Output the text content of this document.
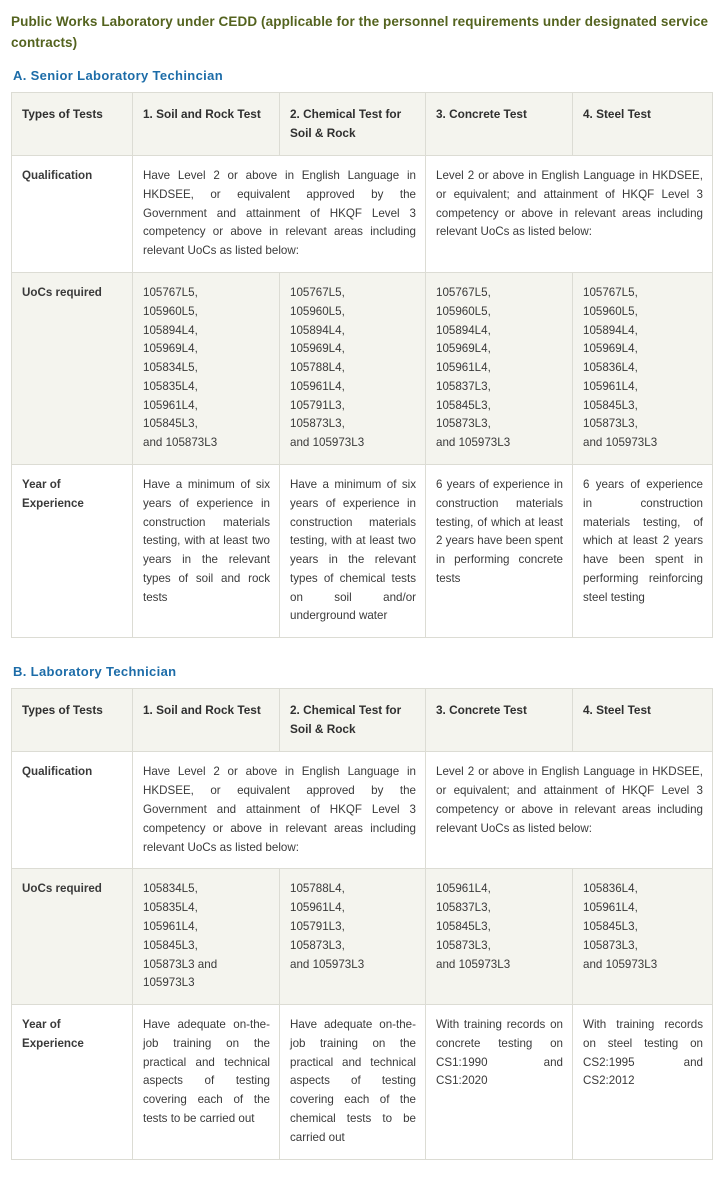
Public Works Laboratory under CEDD (applicable for the personnel requirements under designated service contracts)
A. Senior Laboratory Techincian
Types of Tests	1. Soil and Rock Test	2. Chemical Test for Soil & Rock	3. Concrete Test	4. Steel Test
Qualification	Have Level 2 or above in English Language in HKDSEE, or equivalent approved by the Government and attainment of HKQF Level 3 competency or above in relevant areas including relevant UoCs as listed below:		Level 2 or above in English Language in HKDSEE, or equivalent; and attainment of HKQF Level 3 competency or above in relevant areas including relevant UoCs as listed below:	
UoCs required	105767L5,
105960L5,
105894L4,
105969L4,
105834L5,
105835L4,
105961L4,
105845L3,
and 105873L3	105767L5,
105960L5,
105894L4,
105969L4,
105788L4,
105961L4,
105791L3,
105873L3,
and 105973L3	105767L5,
105960L5,
105894L4,
105969L4,
105961L4,
105837L3,
105845L3,
105873L3,
and 105973L3	105767L5,
105960L5,
105894L4,
105969L4,
105836L4,
105961L4,
105845L3,
105873L3,
and 105973L3
Year of Experience	Have a minimum of six years of experience in construction materials testing, with at least two years in the relevant types of soil and rock tests	Have a minimum of six years of experience in construction materials testing, with at least two years in the relevant types of chemical tests on soil and/or underground water	6 years of experience in construction materials testing, of which at least 2 years have been spent in performing concrete tests	6 years of experience in construction materials testing, of which at least 2 years have been spent in performing reinforcing steel testing
B. Laboratory Technician
Types of Tests	1. Soil and Rock Test	2. Chemical Test for Soil & Rock	3. Concrete Test	4. Steel Test
Qualification	Have Level 2 or above in English Language in HKDSEE, or equivalent approved by the Government and attainment of HKQF Level 3 competency or above in relevant areas including relevant UoCs as listed below:		Level 2 or above in English Language in HKDSEE, or equivalent; and attainment of HKQF Level 3 competency or above in relevant areas including relevant UoCs as listed below:	
UoCs required	105834L5,
105835L4,
105961L4,
105845L3,
105873L3 and 105973L3	105788L4,
105961L4,
105791L3,
105873L3,
and 105973L3	105961L4,
105837L3,
105845L3,
105873L3,
and 105973L3	105836L4,
105961L4,
105845L3,
105873L3,
and 105973L3
Year of Experience	Have adequate on-the-job training on the practical and technical aspects of testing covering each of the tests to be carried out	Have adequate on-the-job training on the practical and technical aspects of testing covering each of the chemical tests to be carried out	With training records on concrete testing on CS1:1990 and CS1:2020	With training records on steel testing on CS2:1995 and CS2:2012
